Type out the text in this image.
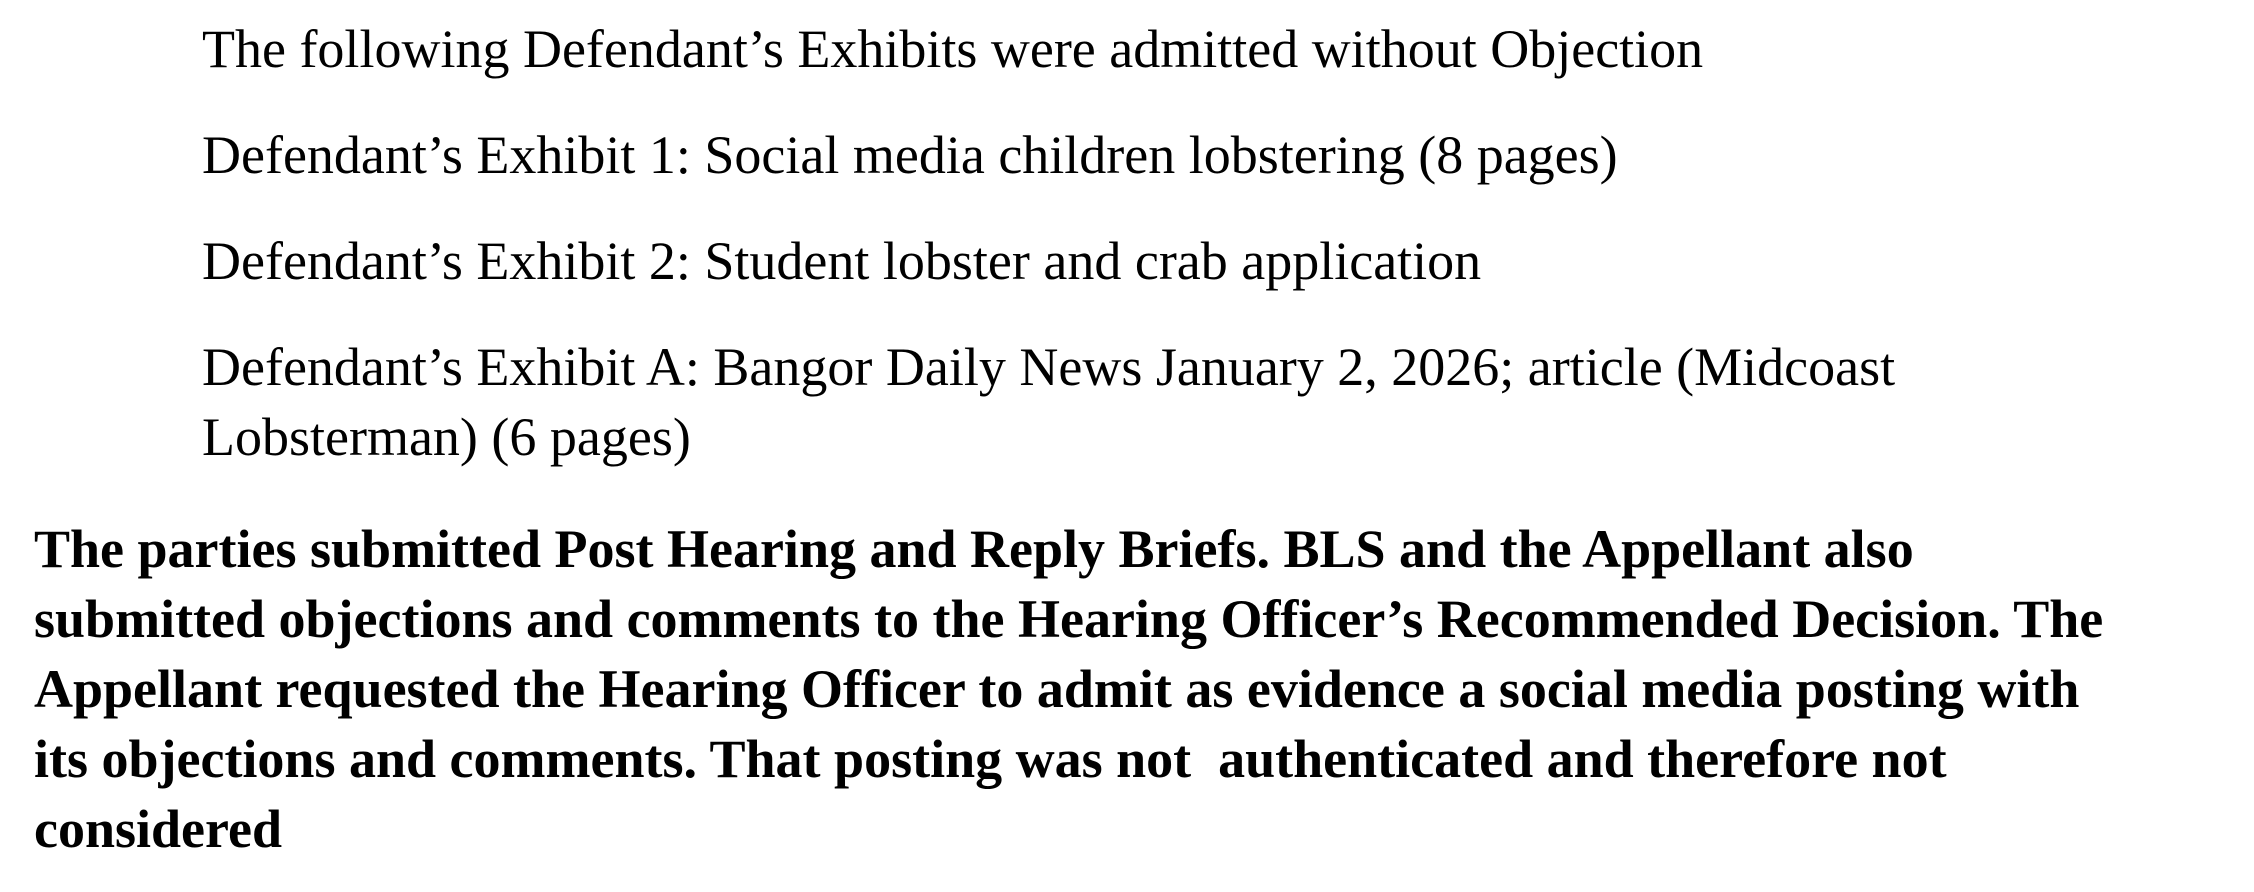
The following Defendant’s Exhibits were admitted without Objection

Defendant’s Exhibit 1: Social media children lobstering (8 pages)

Defendant’s Exhibit 2: Student lobster and crab application

Defendant’s Exhibit A: Bangor Daily News January 2, 2026; article (Midcoast

Lobsterman) (6 pages)

The parties submitted Post Hearing and Reply Briefs. BLS and the Appellant also
submitted objections and comments to the Hearing Officer’s Recommended Decision. The
Appellant requested the Hearing Officer to admit as evidence a social media posting with
its objections and comments. That posting was not  authenticated and therefore not
considered
